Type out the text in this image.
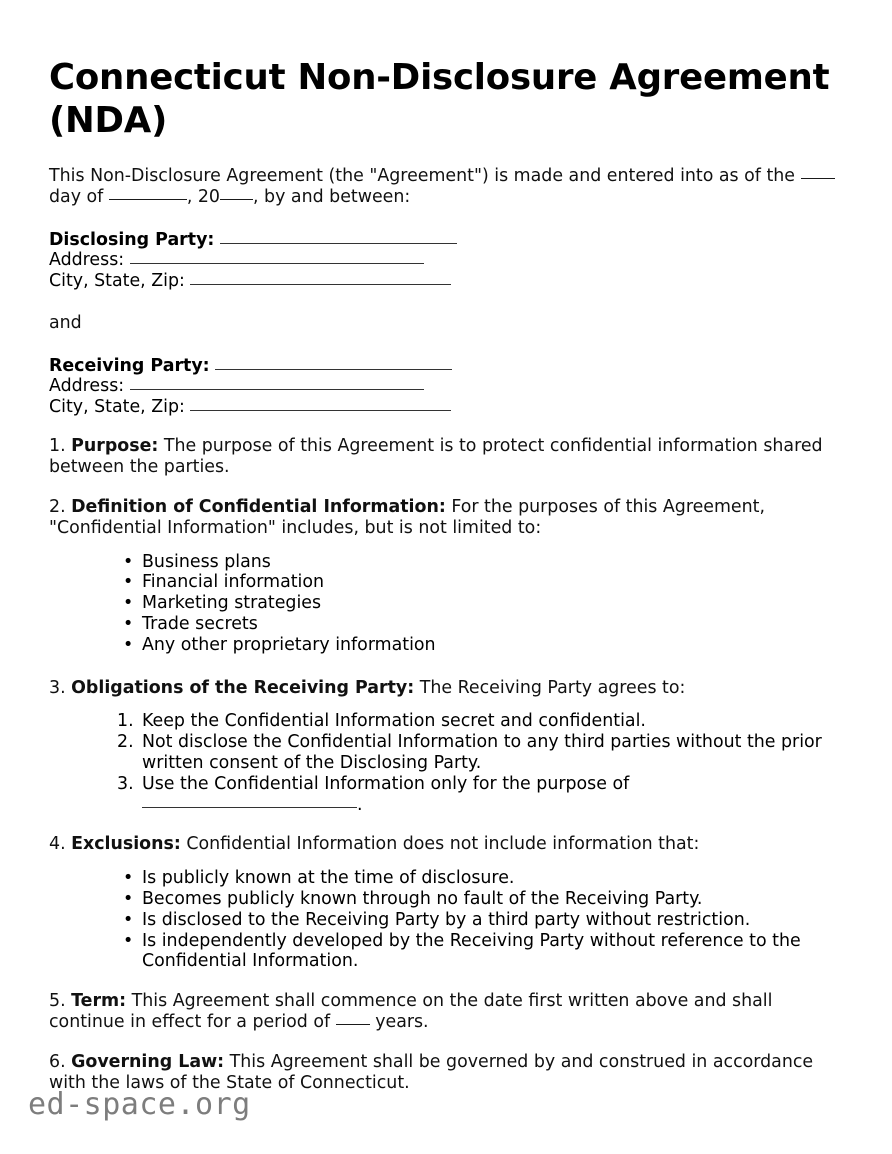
Connecticut Non-Disclosure Agreement (NDA)

This Non-Disclosure Agreement (the "Agreement") is made and entered into as of the
day of	, 20 , by and between:

Disclosing Party:
Address:
City, State, Zip:

and

Receiving Party:
Address:
City, State, Zip:

1. Purpose: The purpose of this Agreement is to protect confidential information shared between the parties.

2. Definition of Confidential Information: For the purposes of this Agreement, "Confidential Information" includes, but is not limited to:

• Business plans
• Financial information
• Marketing strategies
• Trade secrets
• Any other proprietary information

3. Obligations of the Receiving Party: The Receiving Party agrees to:

1. Keep the Confidential Information secret and confidential.
2. Not disclose the Confidential Information to any third parties without the prior written consent of the Disclosing Party.
3. Use the Confidential Information only for the purpose of .

4. Exclusions: Confidential Information does not include information that:

• Is publicly known at the time of disclosure.
• Becomes publicly known through no fault of the Receiving Party.
• Is disclosed to the Receiving Party by a third party without restriction.
• Is independently developed by the Receiving Party without reference to the Confidential Information.

5. Term: This Agreement shall commence on the date first written above and shall continue in effect for a period of	years.

6. Governing Law: This Agreement shall be governed by and construed in accordance with the laws of the State of Connecticut.

ed-space.org
